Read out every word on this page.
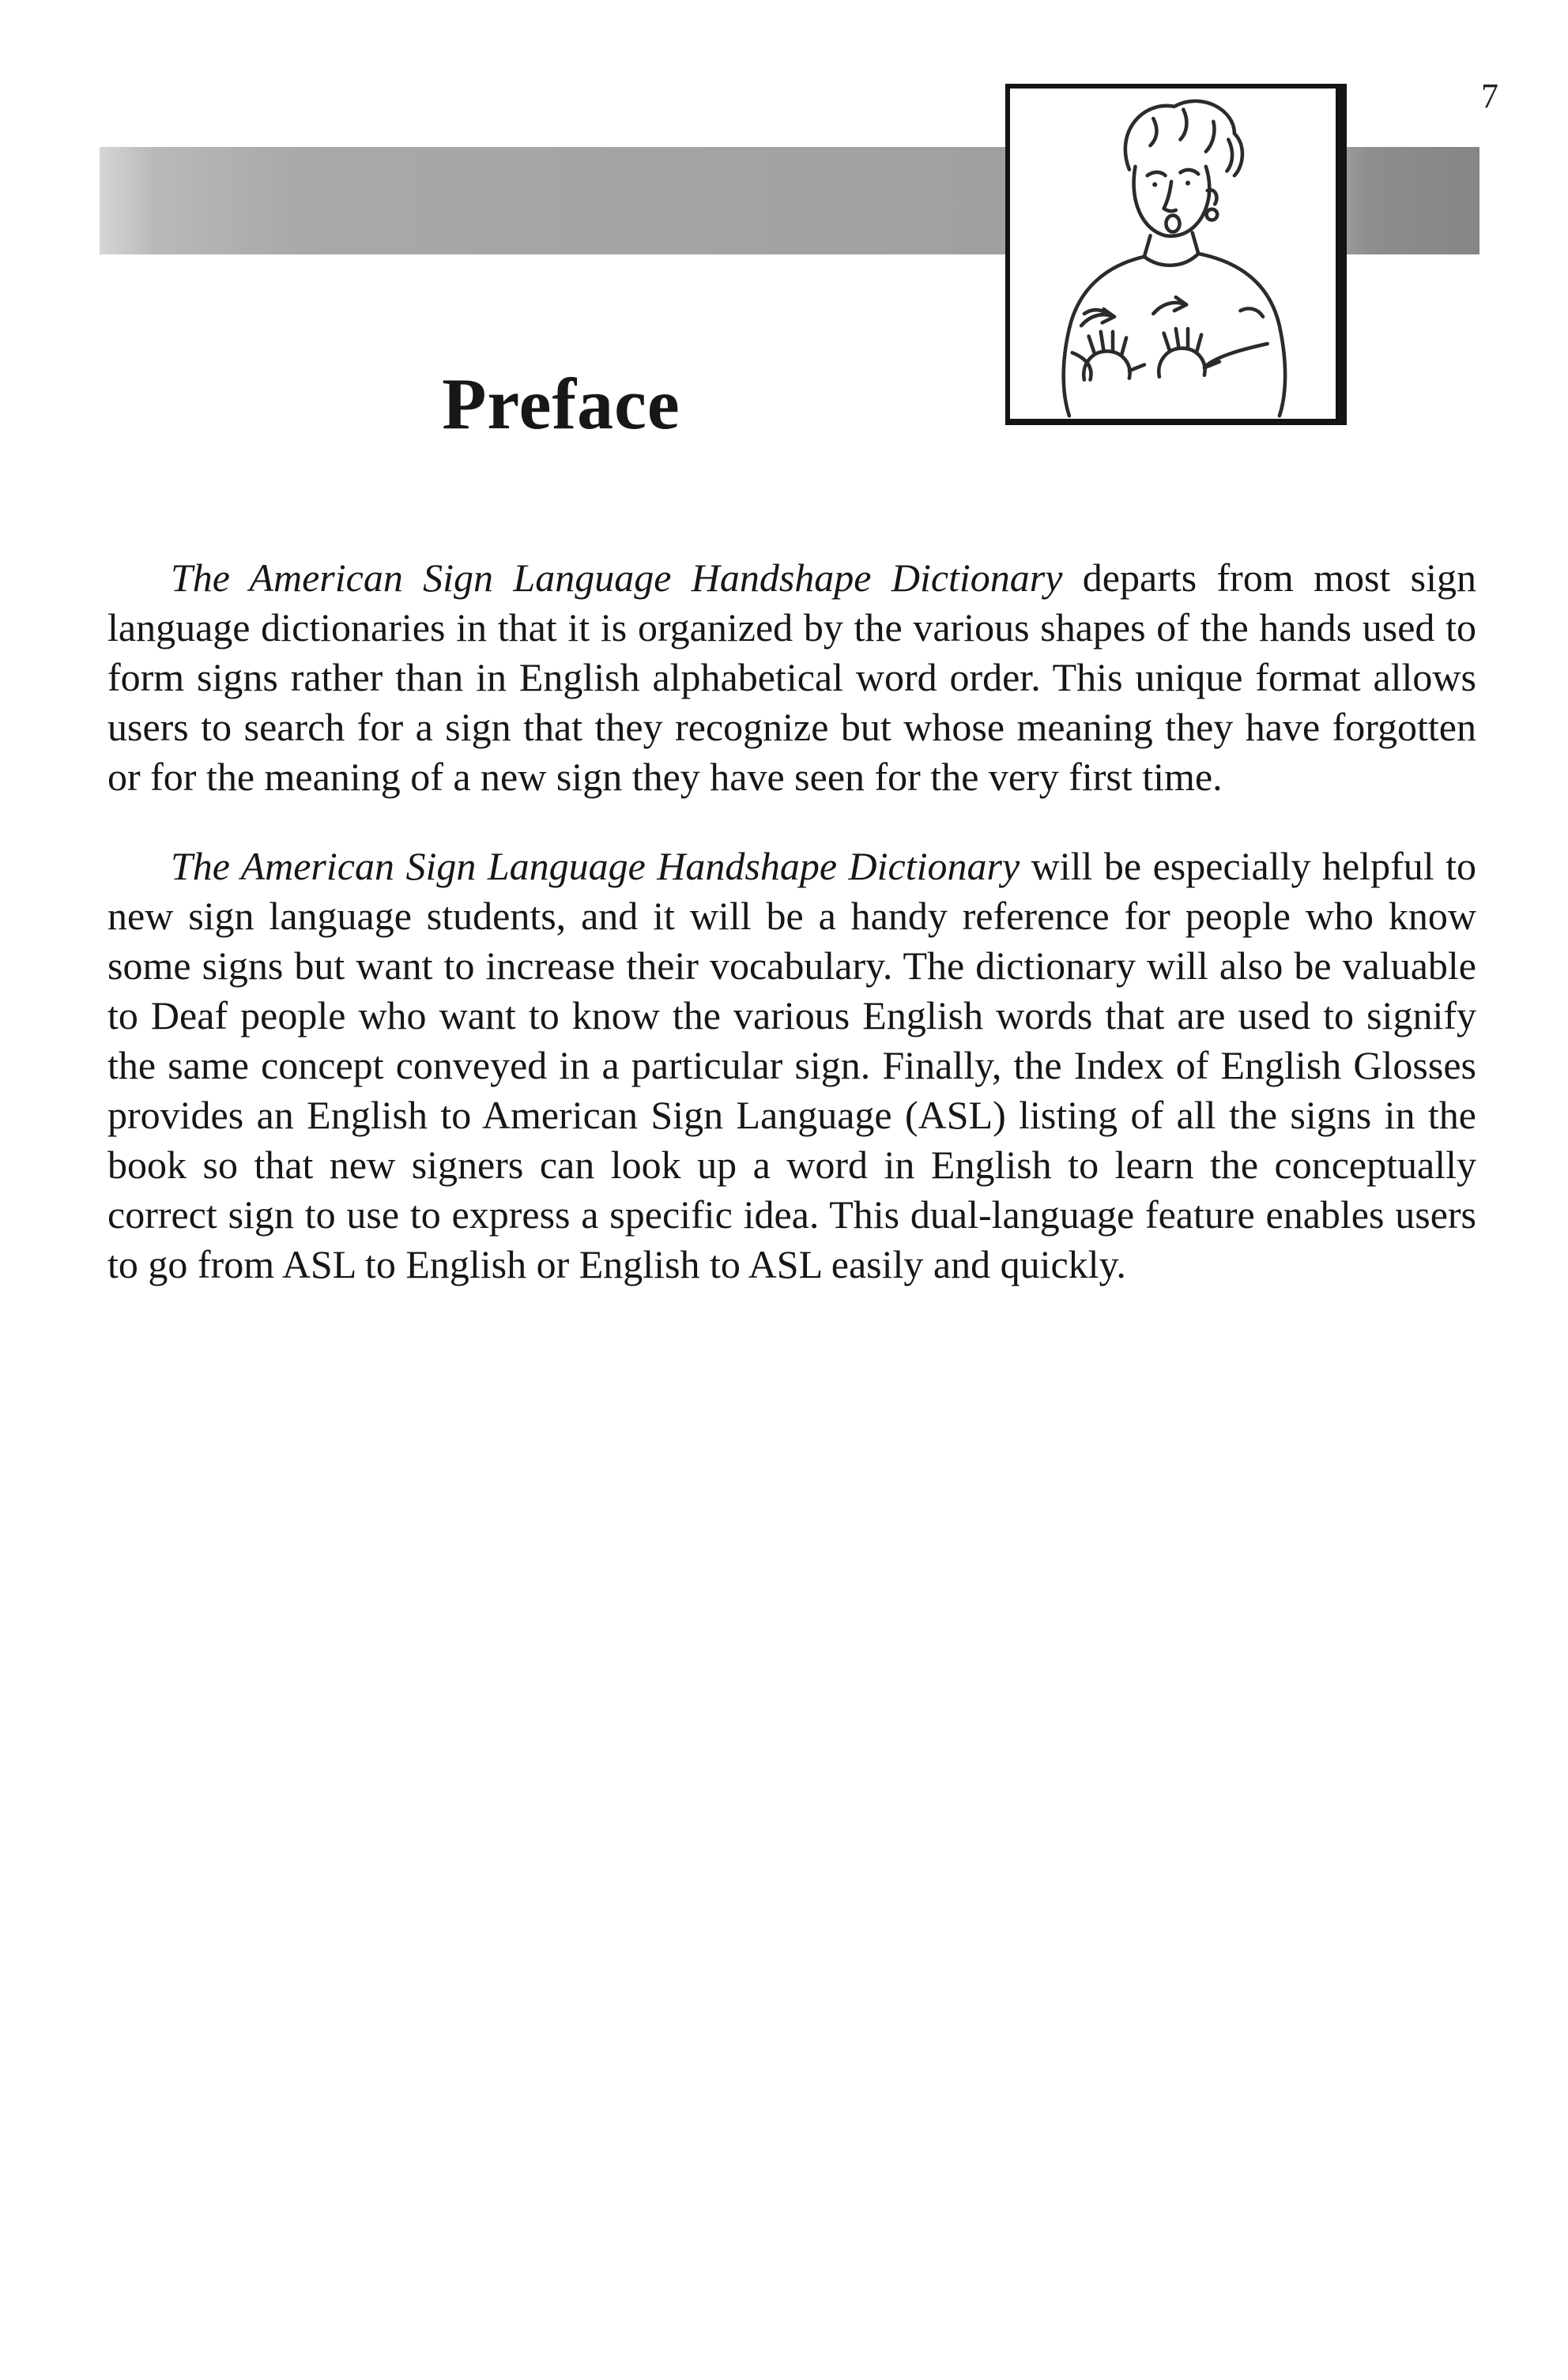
7
Preface

The American Sign Language Handshape Dictionary departs from most sign language dictionaries in that it is organized by the various shapes of the hands used to form signs rather than in English alphabetical word order. This unique format allows users to search for a sign that they recognize but whose meaning they have forgotten or for the meaning of a new sign they have seen for the very first time.

The American Sign Language Handshape Dictionary will be especially helpful to new sign language students, and it will be a handy reference for people who know some signs but want to increase their vocabulary. The dictionary will also be valuable to Deaf people who want to know the various English words that are used to signify the same concept conveyed in a particular sign. Finally, the Index of English Glosses provides an English to American Sign Language (ASL) listing of all the signs in the book so that new signers can look up a word in English to learn the conceptually correct sign to use to express a specific idea. This dual-language feature enables users to go from ASL to English or English to ASL easily and quickly.
